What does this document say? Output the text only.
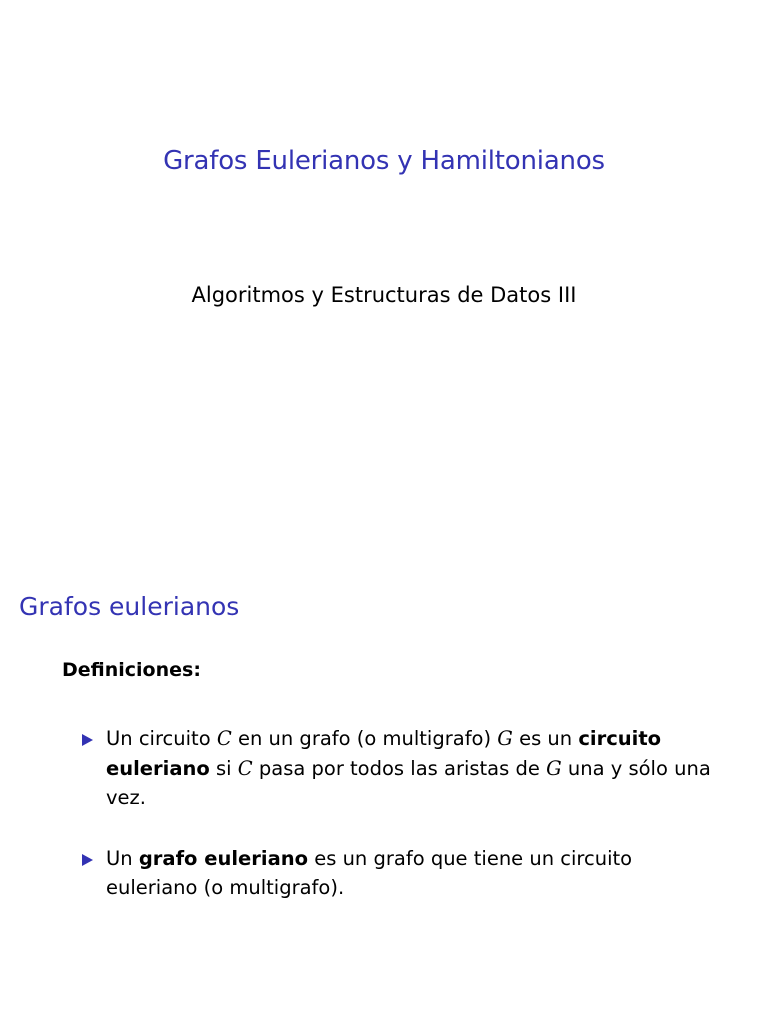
Grafos Eulerianos y Hamiltonianos
Algoritmos y Estructuras de Datos III
Grafos eulerianos
Definiciones:
Un circuito C en un grafo (o multigrafo) G es un circuito euleriano si C pasa por todos las aristas de G una y sólo una vez.
Un grafo euleriano es un grafo que tiene un circuito euleriano (o multigrafo).
